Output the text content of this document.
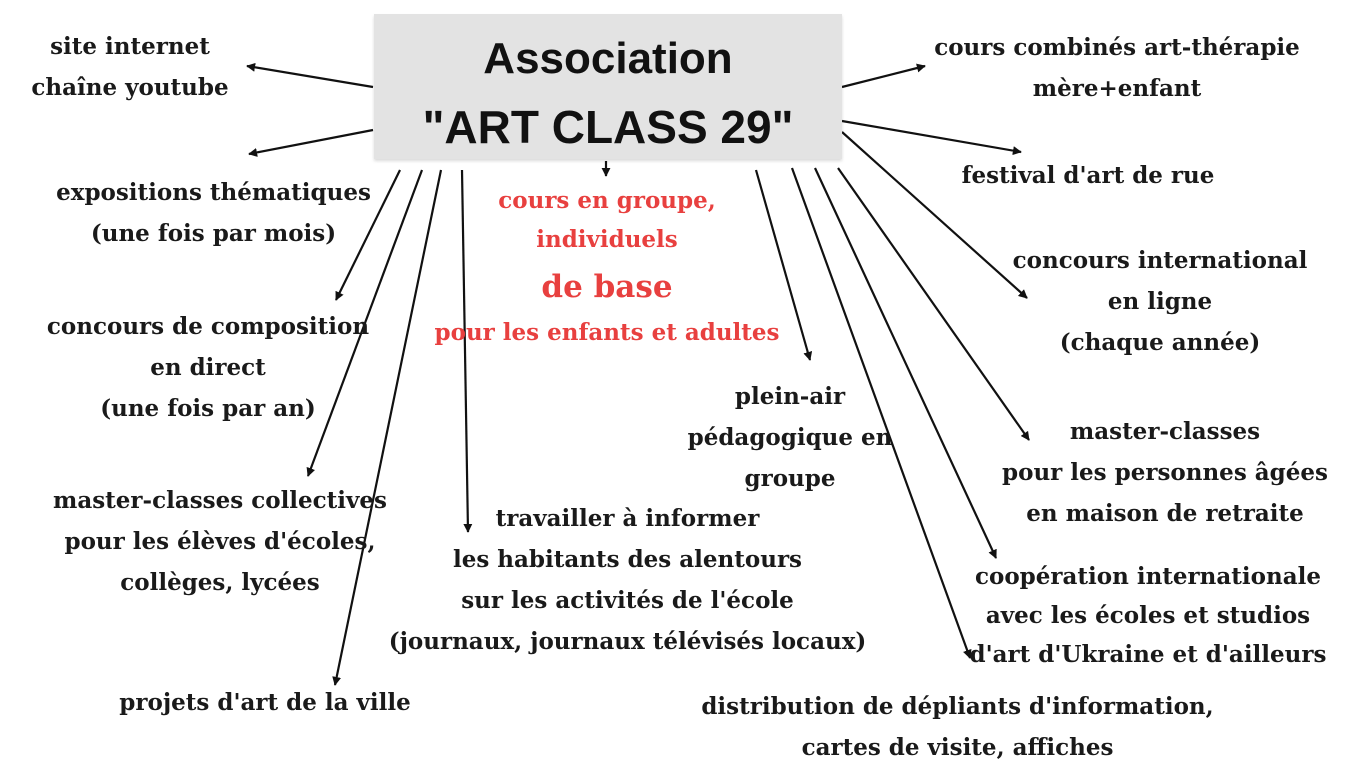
Association
"ART CLASS 29"
site internet
chaîne youtube
expositions thématiques
(une fois par mois)
concours de composition
en direct
(une fois par an)
master-classes collectives
pour les élèves d'écoles,
collèges, lycées
projets d'art de la ville
cours en groupe,
individuels
de base
pour les enfants et adultes
travailler à informer
les habitants des alentours
sur les activités de l'école
(journaux, journaux télévisés locaux)
plein-air
pédagogique en
groupe
distribution de dépliants d'information,
cartes de visite, affiches
coopération internationale
avec les écoles et studios
d'art d'Ukraine et d'ailleurs
master-classes
pour les personnes âgées
en maison de retraite
concours international
en ligne
(chaque année)
festival d'art de rue
cours combinés art-thérapie
mère+enfant
